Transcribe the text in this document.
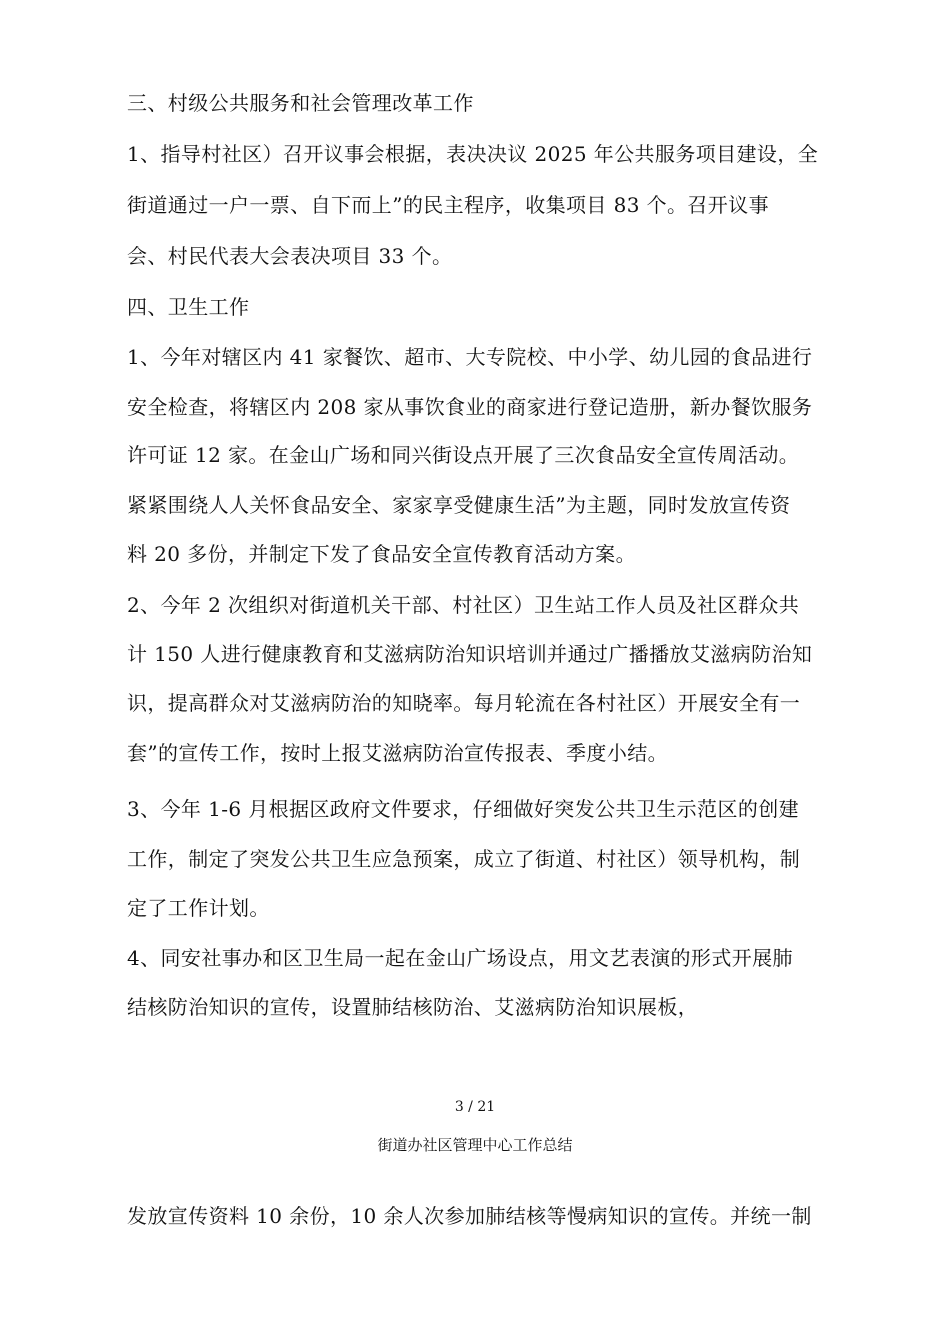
三、村级公共服务和社会管理改革工作
1、指导村社区）召开议事会根据，表决决议 2025 年公共服务项目建设，全
街道通过一户一票、自下而上”的民主程序，收集项目 83 个。召开议事
会、村民代表大会表决项目 33 个。
四、卫生工作
1、今年对辖区内 41 家餐饮、超市、大专院校、中小学、幼儿园的食品进行
安全检查，将辖区内 208 家从事饮食业的商家进行登记造册，新办餐饮服务
许可证 12 家。在金山广场和同兴街设点开展了三次食品安全宣传周活动。
紧紧围绕人人关怀食品安全、家家享受健康生活”为主题，同时发放宣传资
料 20 多份，并制定下发了食品安全宣传教育活动方案。
2、今年 2 次组织对街道机关干部、村社区）卫生站工作人员及社区群众共
计 150 人进行健康教育和艾滋病防治知识培训并通过广播播放艾滋病防治知
识，提高群众对艾滋病防治的知晓率。每月轮流在各村社区）开展安全有一
套”的宣传工作，按时上报艾滋病防治宣传报表、季度小结。
3、今年 1-6 月根据区政府文件要求，仔细做好突发公共卫生示范区的创建
工作，制定了突发公共卫生应急预案，成立了街道、村社区）领导机构，制
定了工作计划。
4、同安社事办和区卫生局一起在金山广场设点，用文艺表演的形式开展肺
结核防治知识的宣传，设置肺结核防治、艾滋病防治知识展板，
3 / 21
街道办社区管理中心工作总结
发放宣传资料 10 余份，10 余人次参加肺结核等慢病知识的宣传。并统一制
